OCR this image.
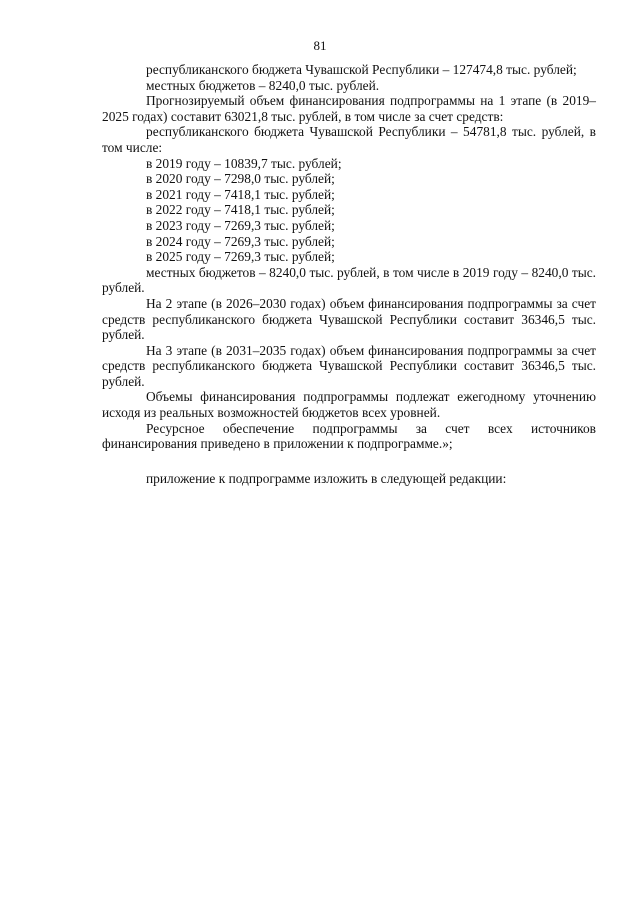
81

республиканского бюджета Чувашской Республики – 127474,8 тыс. рублей;

местных бюджетов – 8240,0 тыс. рублей.

Прогнозируемый объем финансирования подпрограммы на 1 этапе (в 2019–2025 годах) составит 63021,8 тыс. рублей, в том числе за счет средств:

республиканского бюджета Чувашской Республики – 54781,8 тыс. рублей, в том числе:

в 2019 году – 10839,7 тыс. рублей;

в 2020 году – 7298,0 тыс. рублей;

в 2021 году – 7418,1 тыс. рублей;

в 2022 году – 7418,1 тыс. рублей;

в 2023 году – 7269,3 тыс. рублей;

в 2024 году – 7269,3 тыс. рублей;

в 2025 году – 7269,3 тыс. рублей;

местных бюджетов – 8240,0 тыс. рублей, в том числе в 2019 году – 8240,0 тыс. рублей.

На 2 этапе (в 2026–2030 годах) объем финансирования подпрограммы за счет средств республиканского бюджета Чувашской Республики составит 36346,5 тыс. рублей.

На 3 этапе (в 2031–2035 годах) объем финансирования подпрограммы за счет средств республиканского бюджета Чувашской Республики составит 36346,5 тыс. рублей.

Объемы финансирования подпрограммы подлежат ежегодному уточнению исходя из реальных возможностей бюджетов всех уровней.

Ресурсное обеспечение подпрограммы за счет всех источников финансирования приведено в приложении к подпрограмме.»;

приложение к подпрограмме изложить в следующей редакции:
